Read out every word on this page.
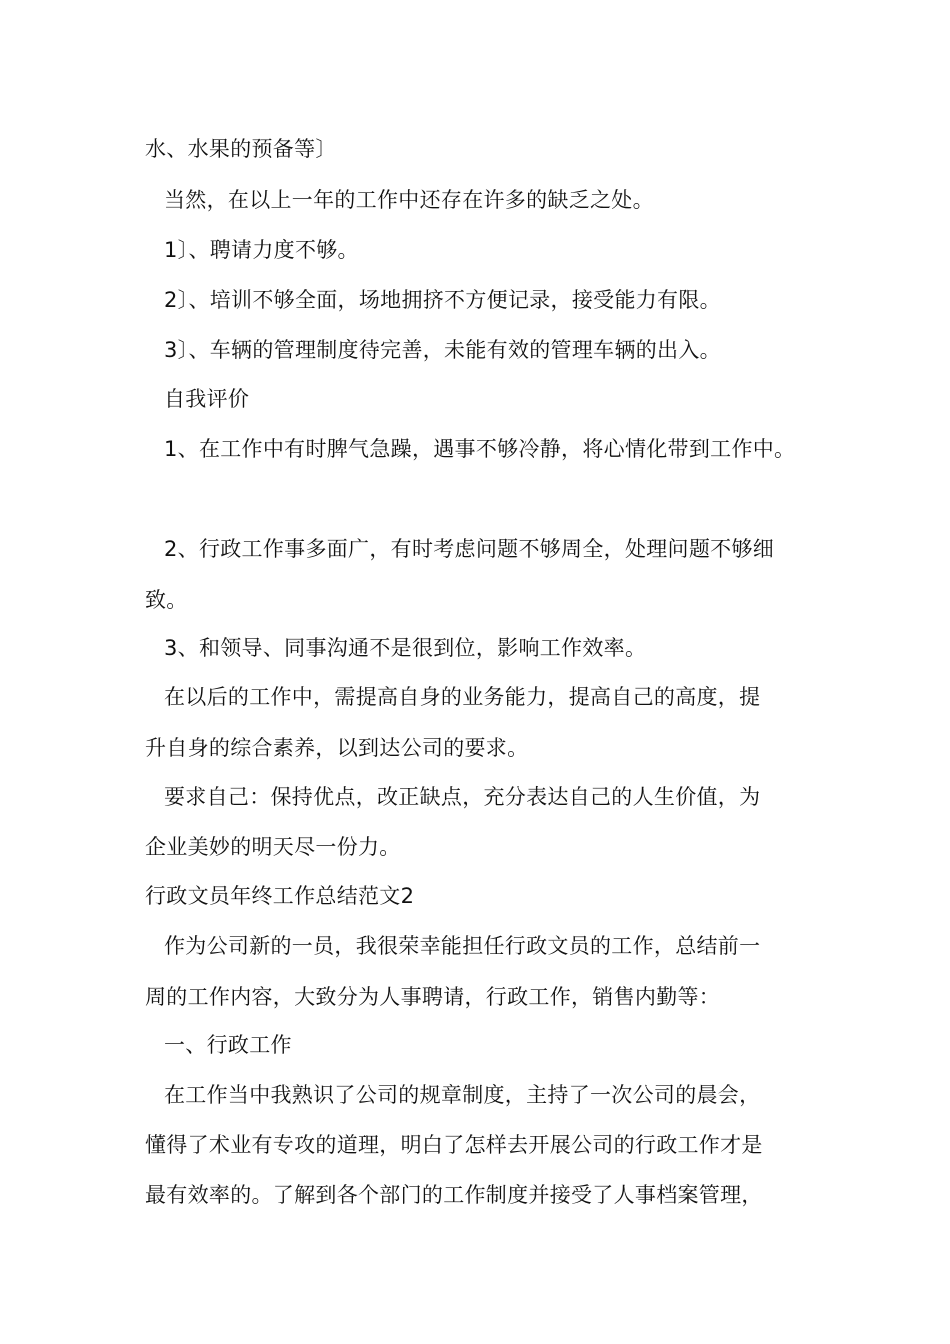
水、水果的预备等〕
当然，在以上一年的工作中还存在许多的缺乏之处。
1〕、聘请力度不够。
2〕、培训不够全面，场地拥挤不方便记录，接受能力有限。
3〕、车辆的管理制度待完善，未能有效的管理车辆的出入。
自我评价
1、在工作中有时脾气急躁，遇事不够冷静，将心情化带到工作中。
2、行政工作事多面广，有时考虑问题不够周全，处理问题不够细
致。
3、和领导、同事沟通不是很到位，影响工作效率。
在以后的工作中，需提高自身的业务能力，提高自己的高度，提
升自身的综合素养，以到达公司的要求。
要求自己：保持优点，改正缺点，充分表达自己的人生价值，为
企业美妙的明天尽一份力。
行政文员年终工作总结范文2
作为公司新的一员，我很荣幸能担任行政文员的工作，总结前一
周的工作内容，大致分为人事聘请，行政工作，销售内勤等：
一、行政工作
在工作当中我熟识了公司的规章制度，主持了一次公司的晨会，
懂得了术业有专攻的道理，明白了怎样去开展公司的行政工作才是
最有效率的。了解到各个部门的工作制度并接受了人事档案管理，
